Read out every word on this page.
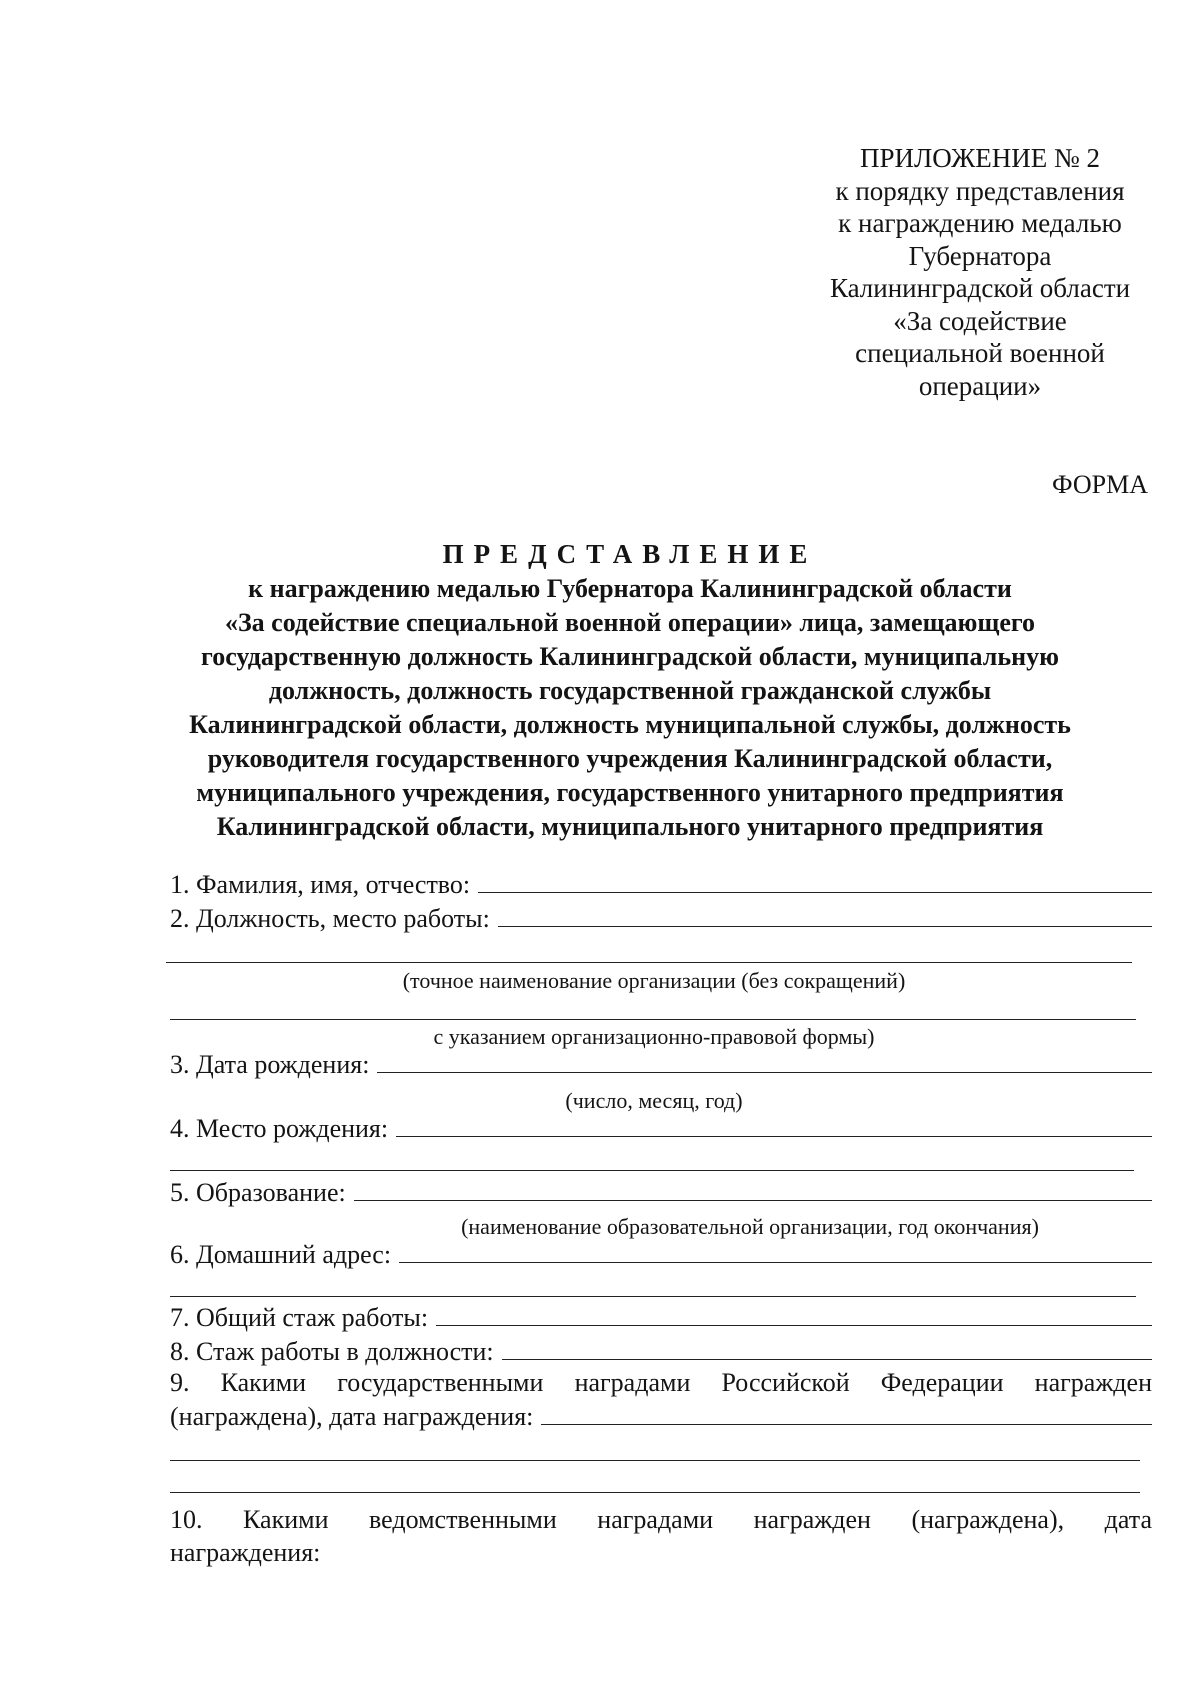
ПРИЛОЖЕНИЕ № 2
к порядку представления
к награждению медалью
Губернатора
Калининградской области
«За содействие
специальной военной
операции»
ФОРМА
ПРЕДСТАВЛЕНИЕ
к награждению медалью Губернатора Калининградской области
«За содействие специальной военной операции» лица, замещающего
государственную должность Калининградской области, муниципальную
должность, должность государственной гражданской службы
Калининградской области, должность муниципальной службы, должность
руководителя государственного учреждения Калининградской области,
муниципального учреждения, государственного унитарного предприятия
Калининградской области, муниципального унитарного предприятия
1. Фамилия, имя, отчество:
2. Должность, место работы:
(точное наименование организации (без сокращений)
с указанием организационно-правовой формы)
3. Дата рождения:
(число, месяц, год)
4. Место рождения:
5. Образование:
(наименование образовательной организации, год окончания)
6. Домашний адрес:
7. Общий стаж работы:
8. Стаж работы в должности:
9. Какими государственными наградами Российской Федерации награжден
(награждена), дата награждения:
10. Какими ведомственными наградами награжден (награждена), дата
награждения:
